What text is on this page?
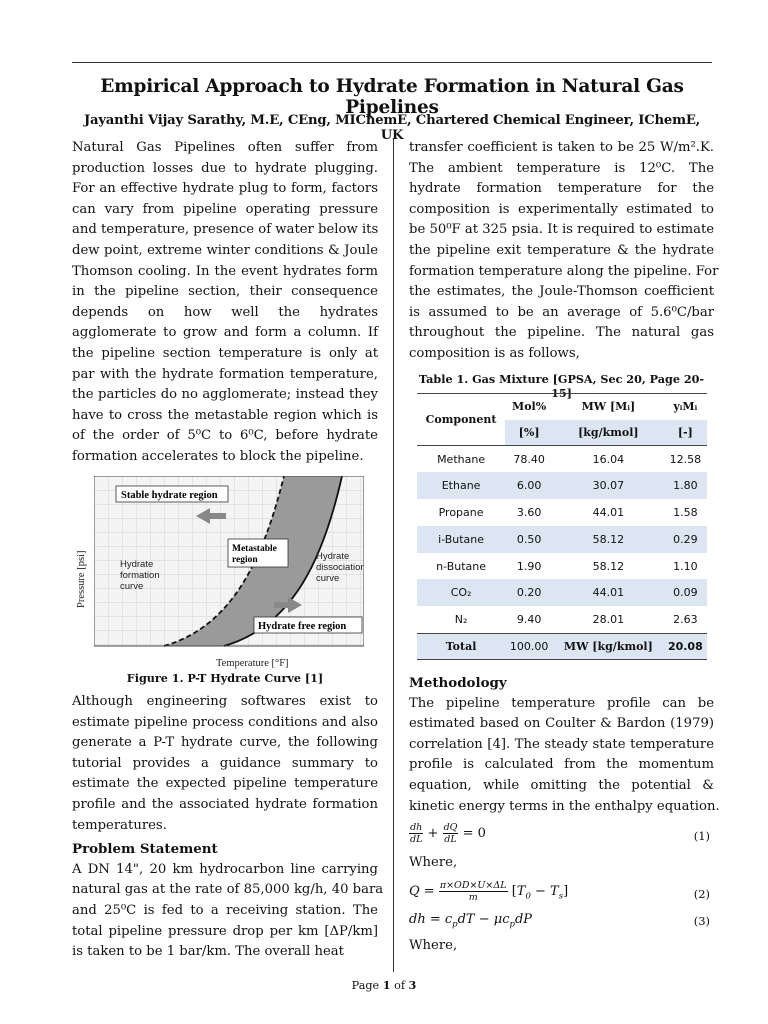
Empirical Approach to Hydrate Formation in Natural Gas Pipelines
Jayanthi Vijay Sarathy, M.E, CEng, MIChemE, Chartered Chemical Engineer, IChemE, UK
Natural Gas Pipelines often suffer from
production losses due to hydrate plugging.
For an effective hydrate plug to form, factors
can vary from pipeline operating pressure
and temperature, presence of water below its
dew point, extreme winter conditions & Joule
Thomson cooling. In the event hydrates form
in the pipeline section, their consequence
depends on how well the hydrates
agglomerate to grow and form a column. If
the pipeline section temperature is only at
par with the hydrate formation temperature,
the particles do no agglomerate; instead they
have to cross the metastable region which is
of the order of 5⁰C to 6⁰C, before hydrate
formation accelerates to block the pipeline.
Stable hydrate region
Metastable region
Hydrate formation curve
Hydrate dissociation curve
Hydrate free region
Temperature [°F]
Pressure [psi]
Figure 1. P-T Hydrate Curve [1]
Although engineering softwares exist to
estimate pipeline process conditions and also
generate a P-T hydrate curve, the following
tutorial provides a guidance summary to
estimate the expected pipeline temperature
profile and the associated hydrate formation
temperatures.
Problem Statement
A DN 14", 20 km hydrocarbon line carrying
natural gas at the rate of 85,000 kg/h, 40 bara
and 25⁰C is fed to a receiving station. The
total pipeline pressure drop per km [ΔP/km]
is taken to be 1 bar/km. The overall heat
transfer coefficient is taken to be 25 W/m².K.
The ambient temperature is 12⁰C. The
hydrate formation temperature for the
composition is experimentally estimated to
be 50⁰F at 325 psia. It is required to estimate
the pipeline exit temperature & the hydrate
formation temperature along the pipeline. For
the estimates, the Joule-Thomson coefficient
is assumed to be an average of 5.6⁰C/bar
throughout the pipeline. The natural gas
composition is as follows,
Table 1. Gas Mixture [GPSA, Sec 20, Page 20-15]
Component	Mol%	MW [Mᵢ]	yᵢMᵢ
	[%]	[kg/kmol]	[-]
Methane	78.40	16.04	12.58
Ethane	6.00	30.07	1.80
Propane	3.60	44.01	1.58
i-Butane	0.50	58.12	0.29
n-Butane	1.90	58.12	1.10
CO₂	0.20	44.01	0.09
N₂	9.40	28.01	2.63
Total	100.00	MW [kg/kmol]	20.08
Methodology
The pipeline temperature profile can be
estimated based on Coulter & Bardon (1979)
correlation [4]. The steady state temperature
profile is calculated from the momentum
equation, while omitting the potential &
kinetic energy terms in the enthalpy equation.
$\frac{dh}{dL} + \frac{dQ}{dL} = 0$	(1)
Where,
$Q = \frac{\pi\times OD\times U\times\Delta L}{m} [T_0 - T_s]$	(2)
dh = $c_pdT - \mu c_pdP$	(3)
Where,
Page 1 of 3
